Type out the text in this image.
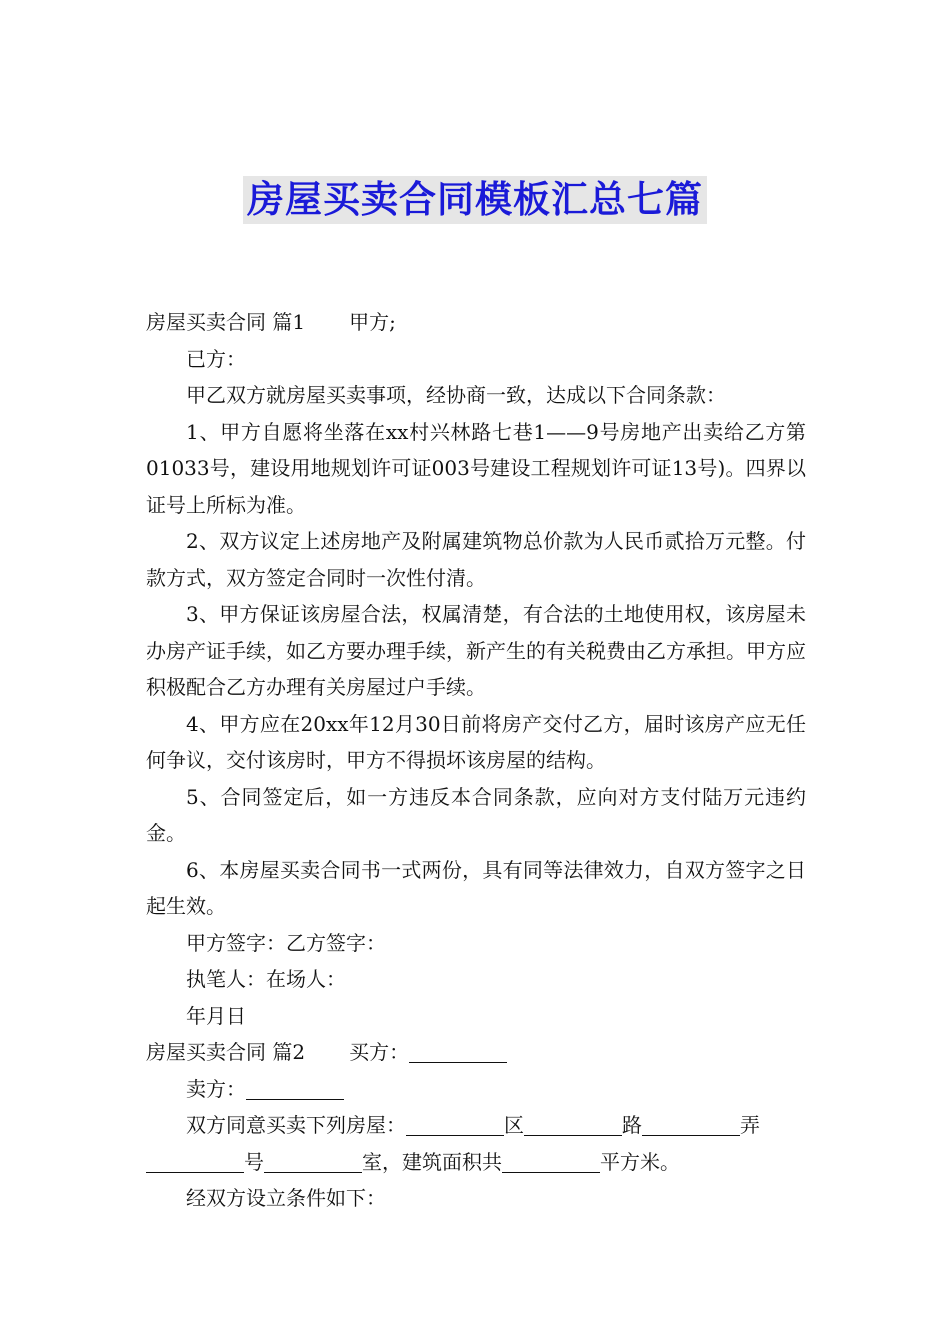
房屋买卖合同模板汇总七篇

房屋买卖合同 篇1 甲方;

已方：

甲乙双方就房屋买卖事项，经协商一致，达成以下合同条款：

1、甲方自愿将坐落在xx村兴林路七巷1——9号房地产出卖给乙方第01033号，建设用地规划许可证003号建设工程规划许可证13号)。四界以证号上所标为准。

2、双方议定上述房地产及附属建筑物总价款为人民币贰拾万元整。付款方式，双方签定合同时一次性付清。

3、甲方保证该房屋合法，权属清楚，有合法的土地使用权，该房屋未办房产证手续，如乙方要办理手续，新产生的有关税费由乙方承担。甲方应积极配合乙方办理有关房屋过户手续。

4、甲方应在20xx年12月30日前将房产交付乙方，届时该房产应无任何争议，交付该房时，甲方不得损坏该房屋的结构。

5、合同签定后，如一方违反本合同条款，应向对方支付陆万元违约金。

6、本房屋买卖合同书一式两份，具有同等法律效力，自双方签字之日起生效。

甲方签字：乙方签字：

执笔人：在场人：

年月日

房屋买卖合同 篇2 买方：

卖方：

双方同意买卖下列房屋：	区	路	弄

号	室，建筑面积共	平方米。

经双方设立条件如下：
